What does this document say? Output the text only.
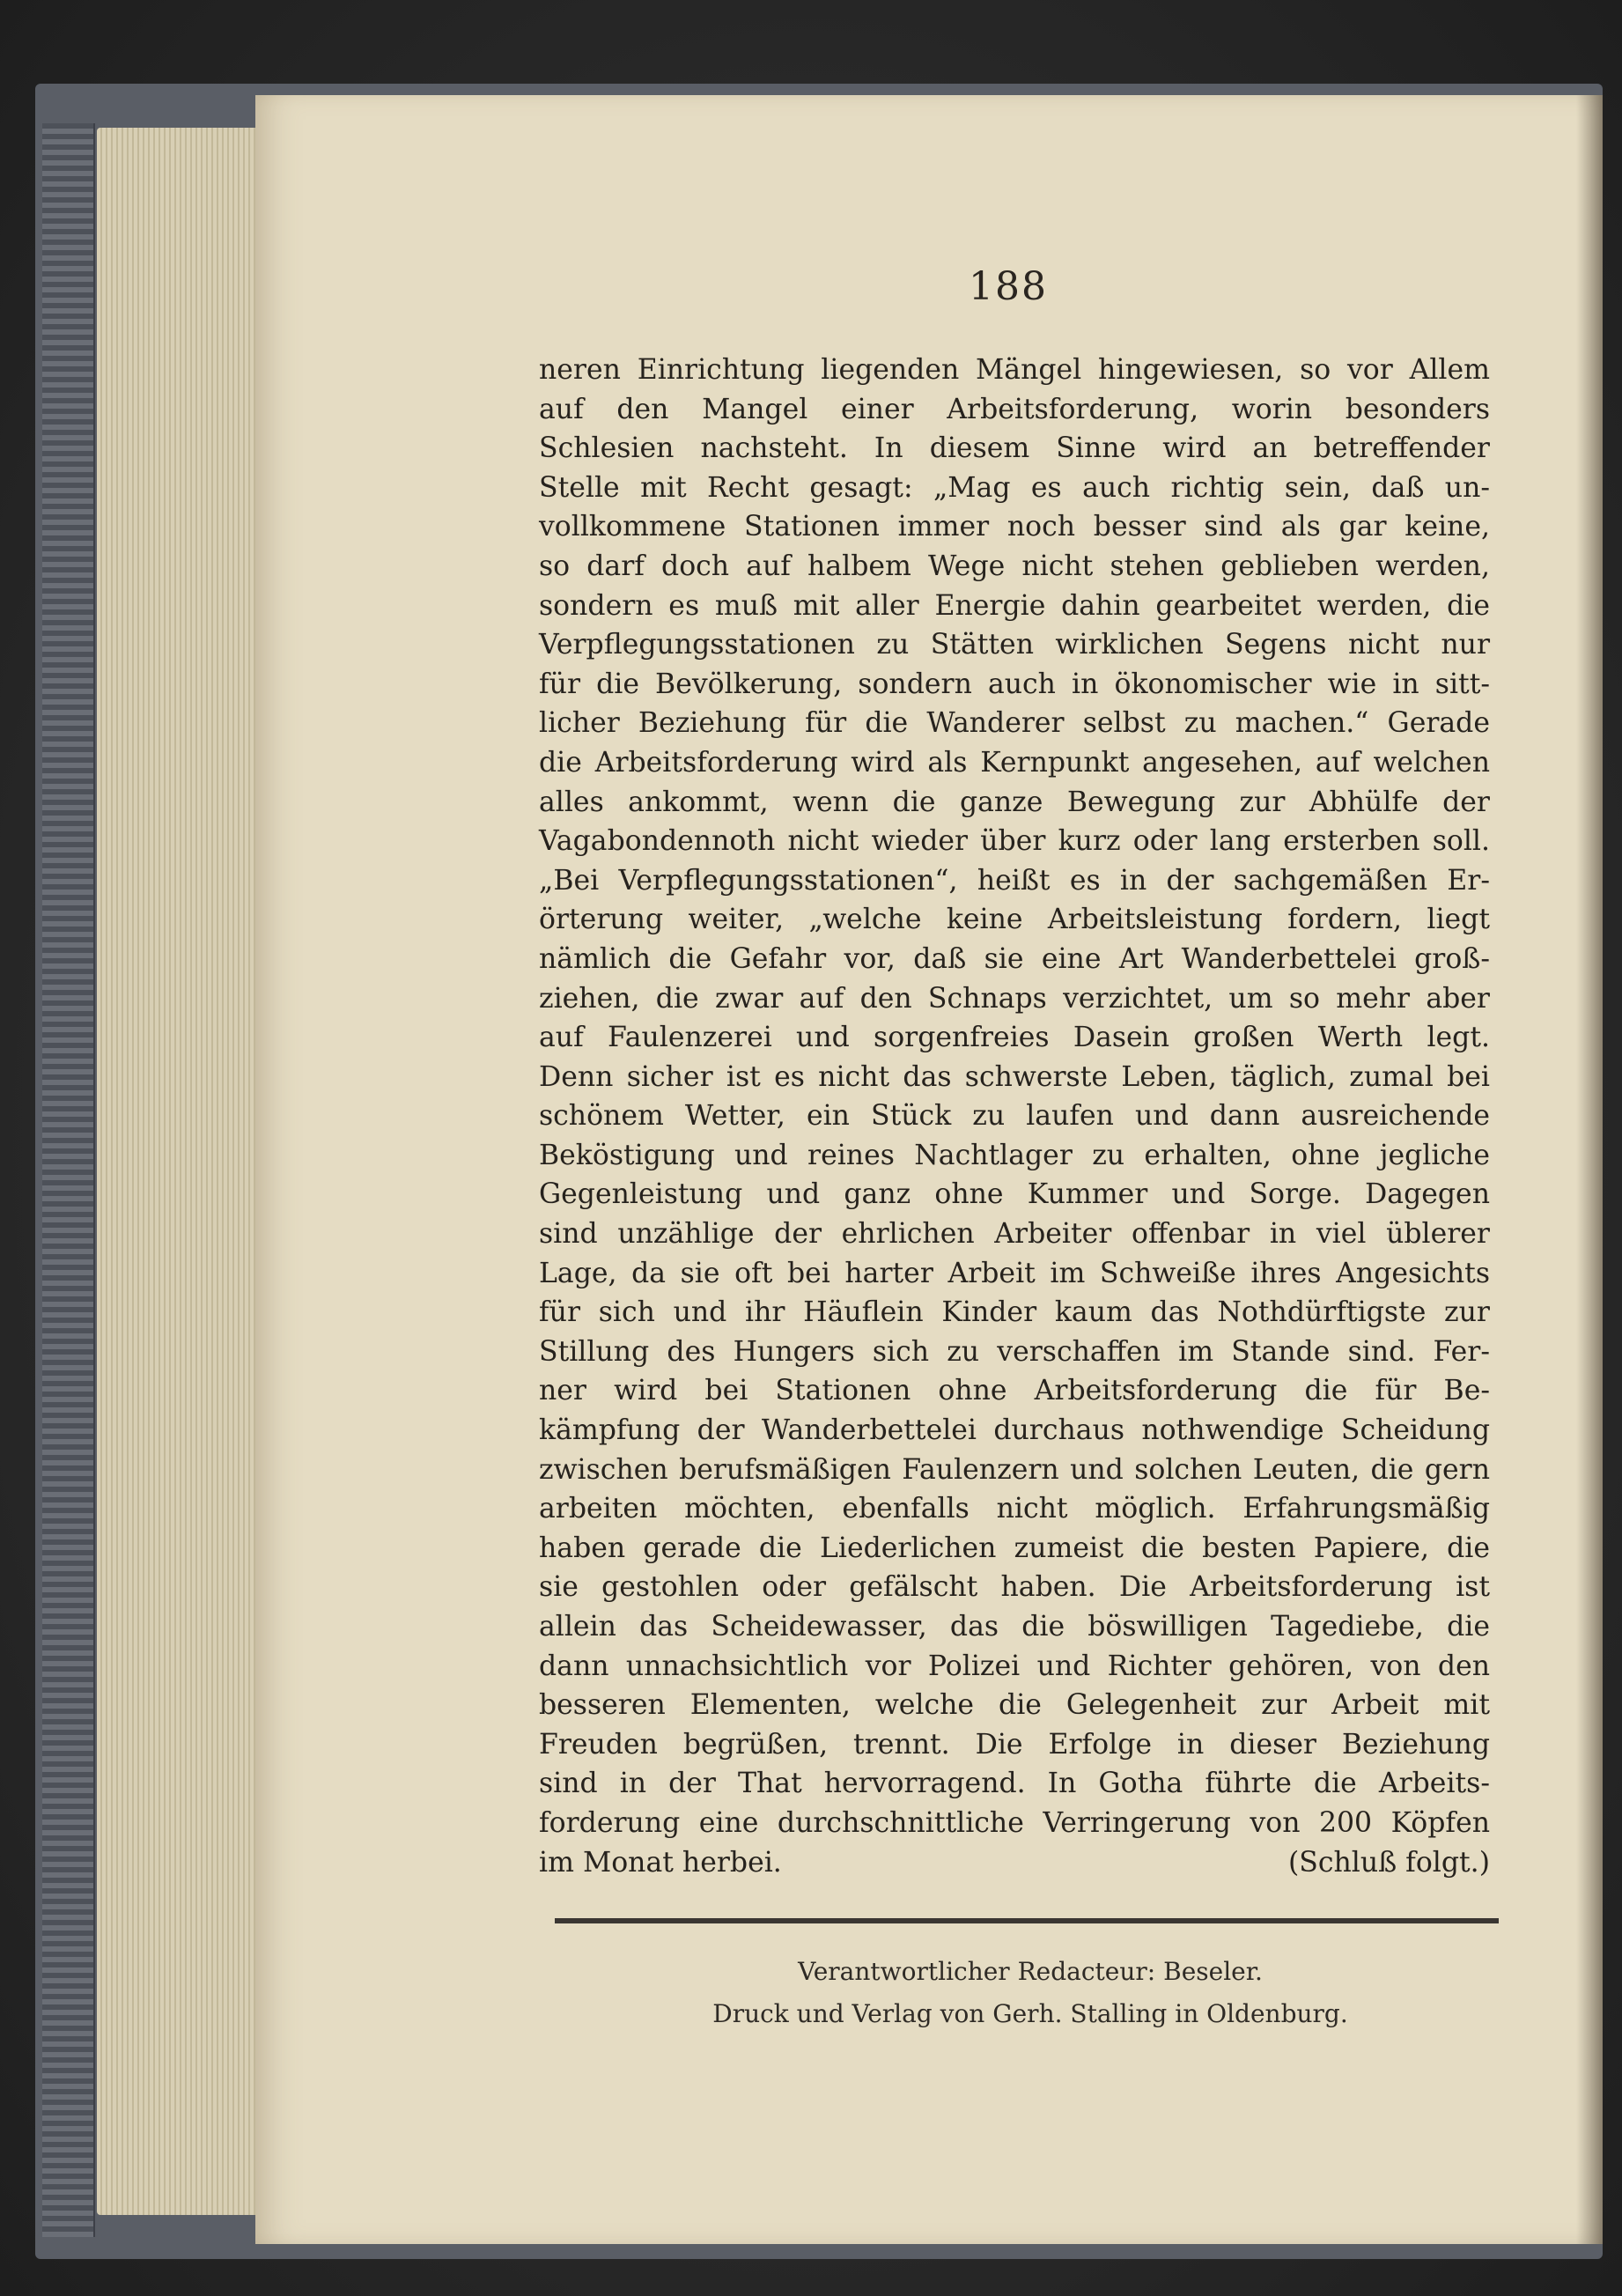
188
neren Einrichtung liegenden Mängel hingewiesen, so vor Allem
auf den Mangel einer Arbeitsforderung, worin besonders
Schlesien nachsteht. In diesem Sinne wird an betreffender
Stelle mit Recht gesagt: „Mag es auch richtig sein, daß un-
vollkommene Stationen immer noch besser sind als gar keine,
so darf doch auf halbem Wege nicht stehen geblieben werden,
sondern es muß mit aller Energie dahin gearbeitet werden, die
Verpflegungsstationen zu Stätten wirklichen Segens nicht nur
für die Bevölkerung, sondern auch in ökonomischer wie in sitt-
licher Beziehung für die Wanderer selbst zu machen.“ Gerade
die Arbeitsforderung wird als Kernpunkt angesehen, auf welchen
alles ankommt, wenn die ganze Bewegung zur Abhülfe der
Vagabondennoth nicht wieder über kurz oder lang ersterben soll.
„Bei Verpflegungsstationen“, heißt es in der sachgemäßen Er-
örterung weiter, „welche keine Arbeitsleistung fordern, liegt
nämlich die Gefahr vor, daß sie eine Art Wanderbettelei groß-
ziehen, die zwar auf den Schnaps verzichtet, um so mehr aber
auf Faulenzerei und sorgenfreies Dasein großen Werth legt.
Denn sicher ist es nicht das schwerste Leben, täglich, zumal bei
schönem Wetter, ein Stück zu laufen und dann ausreichende
Beköstigung und reines Nachtlager zu erhalten, ohne jegliche
Gegenleistung und ganz ohne Kummer und Sorge. Dagegen
sind unzählige der ehrlichen Arbeiter offenbar in viel üblerer
Lage, da sie oft bei harter Arbeit im Schweiße ihres Angesichts
für sich und ihr Häuflein Kinder kaum das Nothdürftigste zur
Stillung des Hungers sich zu verschaffen im Stande sind. Fer-
ner wird bei Stationen ohne Arbeitsforderung die für Be-
kämpfung der Wanderbettelei durchaus nothwendige Scheidung
zwischen berufsmäßigen Faulenzern und solchen Leuten, die gern
arbeiten möchten, ebenfalls nicht möglich. Erfahrungsmäßig
haben gerade die Liederlichen zumeist die besten Papiere, die
sie gestohlen oder gefälscht haben. Die Arbeitsforderung ist
allein das Scheidewasser, das die böswilligen Tagediebe, die
dann unnachsichtlich vor Polizei und Richter gehören, von den
besseren Elementen, welche die Gelegenheit zur Arbeit mit
Freuden begrüßen, trennt. Die Erfolge in dieser Beziehung
sind in der That hervorragend. In Gotha führte die Arbeits-
forderung eine durchschnittliche Verringerung von 200 Köpfen
im Monat herbei.	(Schluß folgt.)
Verantwortlicher Redacteur: Beseler.
Druck und Verlag von Gerh. Stalling in Oldenburg.
